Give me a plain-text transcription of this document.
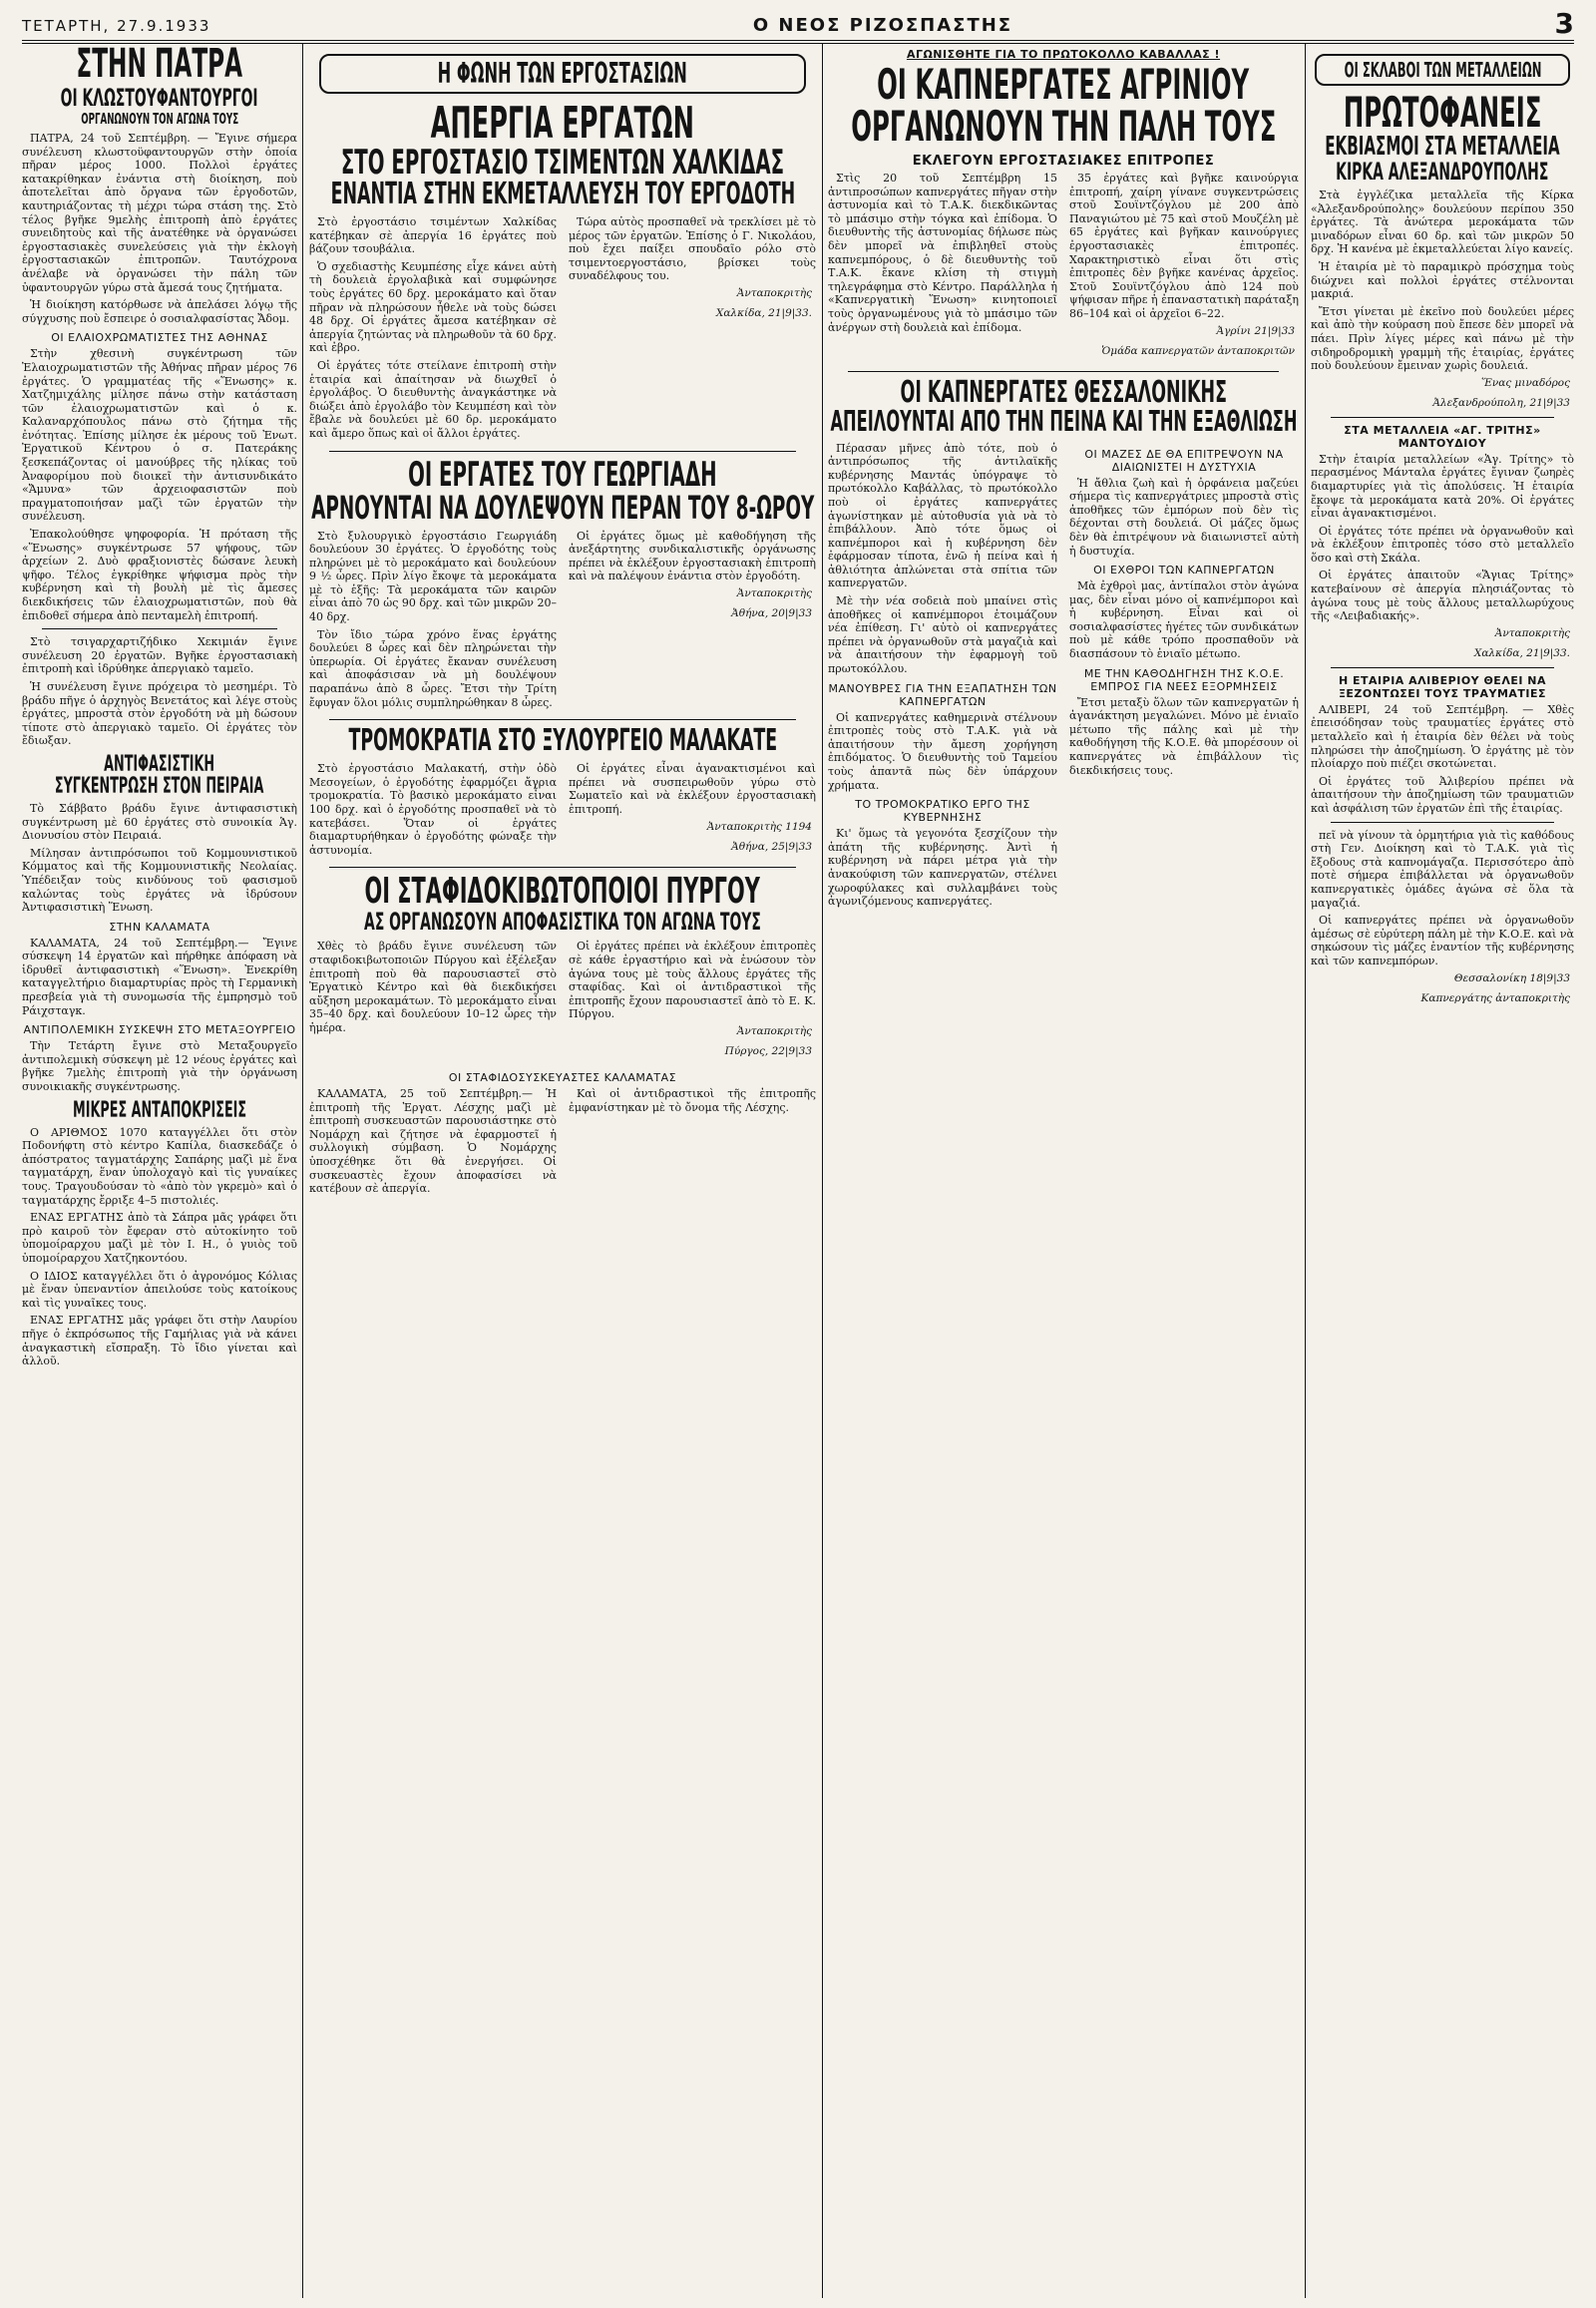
ΤΕΤΑΡΤΗ, 27.9.1933	Ο ΝΕΟΣ ΡΙΖΟΣΠΑΣΤΗΣ	3
ΣΤΗΝ ΠΑΤΡΑ
ΟΙ ΚΛΩΣΤΟΥΦΑΝΤΟΥΡΓΟΙ
ΟΡΓΑΝΩΝΟΥΝ ΤΟΝ ΑΓΩΝΑ ΤΟΥΣ

ΠΑΤΡΑ, 24 τοῦ Σεπτέμβρη. — Ἔγινε σήμερα συνέλευση κλωστοϋφαντουργῶν στὴν ὁποία πῆραν μέρος 1000. Πολλοὶ ἐργάτες κατακρίθηκαν ἐνάντια στὴ διοίκηση, ποὺ ἀποτελεῖται ἀπὸ ὄργανα τῶν ἐργοδοτῶν, καυτηριάζοντας τὴ μέχρι τώρα στάση της. Στὸ τέλος βγῆκε 9μελὴς ἐπιτροπὴ ἀπὸ ἐργάτες συνειδητοὺς καὶ τῆς ἀνατέθηκε νὰ ὀργανώσει ἐργοστασιακὲς συνελεύσεις γιὰ τὴν ἐκλογὴ ἐργοστασιακῶν ἐπιτροπῶν. Ταυτόχρονα ἀνέλαβε νὰ ὀργανώσει τὴν πάλη τῶν ὑφαντουργῶν γύρω στὰ ἄμεσά τους ζητήματα.

Ἡ διοίκηση κατόρθωσε νὰ ἀπελάσει λόγῳ τῆς σύγχυσης ποὺ ἔσπειρε ὁ σοσιαλφασίστας Ἄδομ.

ΟΙ ΕΛΑΙΟΧΡΩΜΑΤΙΣΤΕΣ ΤΗΣ ΑΘΗΝΑΣ

Στὴν χθεσινὴ συγκέντρωση τῶν Ἐλαιοχρωματιστῶν τῆς Ἀθήνας πῆραν μέρος 76 ἐργάτες. Ὁ γραμματέας τῆς «Ἕνωσης» κ. Χατζημιχάλης μίλησε πάνω στὴν κατάσταση τῶν ἐλαιοχρωματιστῶν καὶ ὁ κ. Καλαναρχόπουλος πάνω στὸ ζήτημα τῆς ἐνότητας. Ἐπίσης μίλησε ἐκ μέρους τοῦ Ἐνωτ. Ἐργατικοῦ Κέντρου ὁ σ. Πατεράκης ξεσκεπάζοντας οἱ μανούβρες τῆς ηλίκας τοῦ Ἀναφορίμου ποὺ διοικεῖ τὴν ἀντισυνδικάτο «Ἄμυνα» τῶν ἀρχειοφασιστῶν ποὺ πραγματοποιήσαν μαζὶ τῶν ἐργατῶν τὴν συνέλευση.

Ἐπακολούθησε ψηφοφορία. Ἡ πρόταση τῆς «Ἕνωσης» συγκέντρωσε 57 ψήφους, τῶν ἀρχείων 2. Δυὸ φραξιονιστὲς δώσανε λευκὴ ψῆφο. Τέλος ἐγκρίθηκε ψήφισμα πρὸς τὴν κυβέρνηση καὶ τὴ βουλὴ μὲ τὶς ἄμεσες διεκδικήσεις τῶν ἐλαιοχρωματιστῶν, ποὺ θὰ ἐπιδοθεῖ σήμερα ἀπὸ πενταμελὴ ἐπιτροπή.

Στὸ τσιγαρχαρτιζήδικο Χεκιμιάν ἔγινε συνέλευση 20 ἐργατῶν. Βγῆκε ἐργοστασιακὴ ἐπιτροπὴ καὶ ἱδρύθηκε ἀπεργιακὸ ταμεῖο.

Ἡ συνέλευση ἔγινε πρόχειρα τὸ μεσημέρι. Τὸ βράδυ πῆγε ὁ ἀρχηγὸς Βενετάτος καὶ λέγε στοὺς ἐργάτες, μπροστὰ στὸν ἐργοδότη νὰ μὴ δώσουν τίποτε στὸ ἀπεργιακὸ ταμεῖο. Οἱ ἐργάτες τὸν ἔδιωξαν.

ΑΝΤΙΦΑΣΙΣΤΙΚΗ
ΣΥΓΚΕΝΤΡΩΣΗ ΣΤΟΝ ΠΕΙΡΑΙΑ

Τὸ Σάββατο βράδυ ἔγινε ἀντιφασιστικὴ συγκέντρωση μὲ 60 ἐργάτες στὸ συνοικία Ἁγ. Διονυσίου στὸν Πειραιά.

Μίλησαν ἀντιπρόσωποι τοῦ Κομμουνιστικοῦ Κόμματος καὶ τῆς Κομμουνιστικῆς Νεολαίας. Ὑπέδειξαν τοὺς κινδύνους τοῦ φασισμοῦ καλώντας τοὺς ἐργάτες νὰ ἱδρύσουν Ἀντιφασιστικὴ Ἕνωση.

ΣΤΗΝ ΚΑΛΑΜΑΤΑ

ΚΑΛΑΜΑΤΑ, 24 τοῦ Σεπτέμβρη.— Ἔγινε σύσκεψη 14 ἐργατῶν καὶ πήρθηκε ἀπόφαση νὰ ἱδρυθεῖ ἀντιφασιστικὴ «Ἕνωση». Ἐνεκρίθη καταγγελτήριο διαμαρτυρίας πρὸς τὴ Γερμανικὴ πρεσβεία γιὰ τὴ συνομωσία τῆς ἐμπρησμὸ τοῦ Ράιχσταγκ.

ΑΝΤΙΠΟΛΕΜΙΚΗ ΣΥΣΚΕΨΗ ΣΤΟ ΜΕΤΑΞΟΥΡΓΕΙΟ

Τὴν Τετάρτη ἔγινε στὸ Μεταξουργεῖο ἀντιπολεμικὴ σύσκεψη μὲ 12 νέους ἐργάτες καὶ βγῆκε 7μελὴς ἐπιτροπὴ γιὰ τὴν ὀργάνωση συνοικιακῆς συγκέντρωσης.

ΜΙΚΡΕΣ ΑΝΤΑΠΟΚΡΙΣΕΙΣ

Ο ΑΡΙΘΜΟΣ 1070 καταγγέλλει ὅτι στὸν Ποδονήφτη στὸ κέντρο Καπίλα, διασκεδάζε ὁ ἀπόστρατος ταγματάρχης Σαπάρης μαζὶ μὲ ἕνα ταγματάρχη, ἕναν ὑπολοχαγὸ καὶ τὶς γυναίκες τους. Τραγουδούσαν τὸ «ἀπὸ τὸν γκρεμὸ» καὶ ὁ ταγματάρχης ἔρριξε 4–5 πιστολιές.

ΕΝΑΣ ΕΡΓΑΤΗΣ ἀπὸ τὰ Σάπρα μᾶς γράφει ὅτι πρὸ καιροῦ τὸν ἔφεραν στὸ αὐτοκίνητο τοῦ ὑπομοίραρχου μαζὶ μὲ τὸν Ι. Η., ὁ γυιὸς τοῦ ὑπομοίραρχου Χατζηκοντόου.

Ο ΙΔΙΟΣ καταγγέλλει ὅτι ὁ ἀγρονόμος Κόλιας μὲ ἕναν ὑπεναντίον ἀπειλούσε τοὺς κατοίκους καὶ τὶς γυναῖκες τους.

ΕΝΑΣ ΕΡΓΑΤΗΣ μᾶς γράφει ὅτι στὴν Λαυρίου πῆγε ὁ ἐκπρόσωπος τῆς Γαμήλιας γιὰ νὰ κάνει ἀναγκαστικὴ εἴσπραξη. Τὸ ἴδιο γίνεται καὶ ἀλλοῦ.

Η ΦΩΝΗ ΤΩΝ ΕΡΓΟΣΤΑΣΙΩΝ
ΑΠΕΡΓΙΑ ΕΡΓΑΤΩΝ
ΣΤΟ ΕΡΓΟΣΤΑΣΙΟ ΤΣΙΜΕΝΤΩΝ ΧΑΛΚΙΔΑΣ
ΕΝΑΝΤΙΑ ΣΤΗΝ ΕΚΜΕΤΑΛΛΕΥΣΗ ΤΟΥ ΕΡΓΟΔΟΤΗ

Στὸ ἐργοστάσιο τσιμέντων Χαλκίδας κατέβηκαν σὲ ἀπεργία 16 ἐργάτες ποὺ βάζουν τσουβάλια.

Ὁ σχεδιαστὴς Κευμπέσης εἶχε κάνει αὐτὴ τὴ δουλειὰ ἐργολαβικὰ καὶ συμφώνησε τοὺς ἐργάτες 60 δρχ. μεροκάματο καὶ ὅταν πῆραν νὰ πληρώσουν ἦθελε νὰ τοὺς δώσει 48 δρχ. Οἱ ἐργάτες ἄμεσα κατέβηκαν σὲ ἀπεργία ζητώντας νὰ πληρωθοῦν τὰ 60 δρχ. καὶ ἐβρο.

Οἱ ἐργάτες τότε στείλανε ἐπιτροπὴ στὴν ἑταιρία καὶ ἀπαίτησαν νὰ διωχθεῖ ὁ ἐργολάβος. Ὁ διευθυντὴς ἀναγκάστηκε νὰ διώξει ἀπὸ ἐργολάβο τὸν Κευμπέση καὶ τὸν ἔβαλε νὰ δουλεύει μὲ 60 δρ. μεροκάματο καὶ ἄμερο ὅπως καὶ οἱ ἄλλοι ἐργάτες.

Τώρα αὐτὸς προσπαθεῖ νὰ τρεκλίσει μὲ τὸ μέρος τῶν ἐργατῶν. Ἐπίσης ὁ Γ. Νικολάου, ποὺ ἔχει παίξει σπουδαῖο ρόλο στὸ τσιμεντοεργοστάσιο, βρίσκει τοὺς συναδέλφους του.

Ἀνταποκριτὴς
Χαλκίδα, 21|9|33.
ΟΙ ΕΡΓΑΤΕΣ ΤΟΥ ΓΕΩΡΓΙΑΔΗ
ΑΡΝΟΥΝΤΑΙ ΝΑ ΔΟΥΛΕΨΟΥΝ ΠΕΡΑΝ ΤΟΥ 8-ΩΡΟΥ

Στὸ ξυλουργικὸ ἐργοστάσιο Γεωργιάδη δουλεύουν 30 ἐργάτες. Ὁ ἐργοδότης τοὺς πληρώνει μὲ τὸ μεροκάματο καὶ δουλεύουν 9 ½ ὧρες. Πρὶν λίγο ἔκοψε τὰ μεροκάματα μὲ τὸ ἑξῆς: Τὰ μεροκάματα τῶν καιρῶν εἶναι ἀπὸ 70 ὡς 90 δρχ. καὶ τῶν μικρῶν 20–40 δρχ.

Τὸν ἴδιο τώρα χρόνο ἕνας ἐργάτης δουλεύει 8 ὧρες καὶ δὲν πληρώνεται τὴν ὑπερωρία. Οἱ ἐργάτες ἔκαναν συνέλευση καὶ ἀποφάσισαν νὰ μὴ δουλέψουν παραπάνω ἀπὸ 8 ὧρες. Ἔτσι τὴν Τρίτη ἔφυγαν ὅλοι μόλις συμπληρώθηκαν 8 ὧρες.

Οἱ ἐργάτες ὅμως μὲ καθοδήγηση τῆς ἀνεξάρτητης συνδικαλιστικῆς ὀργάνωσης πρέπει νὰ ἐκλέξουν ἐργοστασιακὴ ἐπιτροπὴ καὶ νὰ παλέψουν ἐνάντια στὸν ἐργοδότη.

Ἀνταποκριτὴς
Ἀθήνα, 20|9|33
ΤΡΟΜΟΚΡΑΤΙΑ ΣΤΟ ΞΥΛΟΥΡΓΕΙΟ ΜΑΛΑΚΑΤΕ

Στὸ ἐργοστάσιο Μαλακατή, στὴν ὁδὸ Μεσογείων, ὁ ἐργοδότης ἐφαρμόζει ἄγρια τρομοκρατία. Τὸ βασικὸ μεροκάματο εἶναι 100 δρχ. καὶ ὁ ἐργοδότης προσπαθεῖ νὰ τὸ κατεβάσει. Ὅταν οἱ ἐργάτες διαμαρτυρήθηκαν ὁ ἐργοδότης φώναξε τὴν ἀστυνομία.

Οἱ ἐργάτες εἶναι ἀγανακτισμένοι καὶ πρέπει νὰ συσπειρωθοῦν γύρω στὸ Σωματεῖο καὶ νὰ ἐκλέξουν ἐργοστασιακὴ ἐπιτροπή.

Ἀνταποκριτὴς 1194
Ἀθήνα, 25|9|33
ΟΙ ΣΤΑΦΙΔΟΚΙΒΩΤΟΠΟΙΟΙ ΠΥΡΓΟΥ
ΑΣ ΟΡΓΑΝΩΣΟΥΝ ΑΠΟΦΑΣΙΣΤΙΚΑ ΤΟΝ ΑΓΩΝΑ ΤΟΥΣ

Χθὲς τὸ βράδυ ἔγινε συνέλευση τῶν σταφιδοκιβωτοποιῶν Πύργου καὶ ἐξέλεξαν ἐπιτροπὴ ποὺ θὰ παρουσιαστεῖ στὸ Ἐργατικὸ Κέντρο καὶ θὰ διεκδικήσει αὔξηση μεροκαμάτων. Τὸ μεροκάματο εἶναι 35–40 δρχ. καὶ δουλεύουν 10–12 ὧρες τὴν ἡμέρα.

Οἱ ἐργάτες πρέπει νὰ ἐκλέξουν ἐπιτροπὲς σὲ κάθε ἐργαστήριο καὶ νὰ ἑνώσουν τὸν ἀγώνα τους μὲ τοὺς ἄλλους ἐργάτες τῆς σταφίδας. Καὶ οἱ ἀντιδραστικοὶ τῆς ἐπιτροπῆς ἔχουν παρουσιαστεῖ ἀπὸ τὸ Ε. Κ. Πύργου.

Ἀνταποκριτὴς
Πύργος, 22|9|33
ΟΙ ΣΤΑΦΙΔΟΣΥΣΚΕΥΑΣΤΕΣ ΚΑΛΑΜΑΤΑΣ

ΚΑΛΑΜΑΤΑ, 25 τοῦ Σεπτέμβρη.— Ἡ ἐπιτροπὴ τῆς Ἐργατ. Λέσχης μαζὶ μὲ ἐπιτροπὴ συσκευαστῶν παρουσιάστηκε στὸ Νομάρχη καὶ ζήτησε νὰ ἐφαρμοστεῖ ἡ συλλογικὴ σύμβαση. Ὁ Νομάρχης ὑποσχέθηκε ὅτι θὰ ἐνεργήσει. Οἱ συσκευαστὲς ἔχουν ἀποφασίσει νὰ κατέβουν σὲ ἀπεργία.

Καὶ οἱ ἀντιδραστικοὶ τῆς ἐπιτροπῆς ἐμφανίστηκαν μὲ τὸ ὄνομα τῆς Λέσχης.

ΑΓΩΝΙΣΘΗΤΕ ΓΙΑ ΤΟ ΠΡΩΤΟΚΟΛΛΟ ΚΑΒΑΛΛΑΣ !
ΟΙ ΚΑΠΝΕΡΓΑΤΕΣ ΑΓΡΙΝΙΟΥ
ΟΡΓΑΝΩΝΟΥΝ ΤΗΝ ΠΑΛΗ ΤΟΥΣ
ΕΚΛΕΓΟΥΝ ΕΡΓΟΣΤΑΣΙΑΚΕΣ ΕΠΙΤΡΟΠΕΣ

Στὶς 20 τοῦ Σεπτέμβρη 15 ἀντιπροσώπων καπνεργάτες πῆγαν στὴν ἀστυνομία καὶ τὸ Τ.Α.Κ. διεκδικῶντας τὸ μπάσιμο στὴν τόγκα καὶ ἐπίδομα. Ὁ διευθυντὴς τῆς ἀστυνομίας δήλωσε πὼς δὲν μπορεῖ νὰ ἐπιβληθεῖ στοὺς καπνεμπόρους, ὁ δὲ διευθυντὴς τοῦ Τ.Α.Κ. ἔκανε κλίση τὴ στιγμὴ τηλεγράφημα στὸ Κέντρο. Παράλληλα ἡ «Καπνεργατικὴ Ἕνωση» κινητοποιεῖ τοὺς ὀργανωμένους γιὰ τὸ μπάσιμο τῶν ἀνέργων στὴ δουλειὰ καὶ ἐπίδομα.

35 ἐργάτες καὶ βγῆκε καινούργια ἐπιτροπή, χαίρη γίνανε συγκεντρώσεις στοῦ Σουϊντζόγλου μὲ 200 ἀπὸ Παναγιώτου μὲ 75 καὶ στοῦ Μουζέλη μὲ 65 ἐργάτες καὶ βγῆκαν καινούργιες ἐργοστασιακὲς ἐπιτροπές. Χαρακτηριστικὸ εἶναι ὅτι στὶς ἐπιτροπὲς δὲν βγῆκε κανένας ἀρχεῖος. Στοῦ Σουϊντζόγλου ἀπὸ 124 ποὺ ψήφισαν πῆρε ἡ ἐπαναστατικὴ παράταξη 86–104 καὶ οἱ ἀρχεῖοι 6–22.

Ἀγρίνι 21|9|33
Ὁμάδα καπνεργατῶν ἀνταποκριτῶν
ΟΙ ΚΑΠΝΕΡΓΑΤΕΣ ΘΕΣΣΑΛΟΝΙΚΗΣ
ΑΠΕΙΛΟΥΝΤΑΙ ΑΠΟ ΤΗΝ ΠΕΙΝΑ ΚΑΙ ΤΗΝ ΕΞΑΘΛΙΩΣΗ

Πέρασαν μῆνες ἀπὸ τότε, ποὺ ὁ ἀντιπρόσωπος τῆς ἀντιλαϊκῆς κυβέρνησης Μαντάς ὑπόγραψε τὸ πρωτόκολλο Καβάλλας, τὸ πρωτόκολλο ποὺ οἱ ἐργάτες καπνεργάτες ἀγωνίστηκαν μὲ αὐτοθυσία γιὰ νὰ τὸ ἐπιβάλλουν. Ἀπὸ τότε ὅμως οἱ καπνέμποροι καὶ ἡ κυβέρνηση δὲν ἐφάρμοσαν τίποτα, ἐνῶ ἡ πείνα καὶ ἡ ἀθλιότητα ἀπλώνεται στὰ σπίτια τῶν καπνεργατῶν.

Μὲ τὴν νέα σοδειὰ ποὺ μπαίνει στὶς ἀποθῆκες οἱ καπνέμποροι ἑτοιμάζουν νέα ἐπίθεση. Γι' αὐτὸ οἱ καπνεργάτες πρέπει νὰ ὀργανωθοῦν στὰ μαγαζιὰ καὶ νὰ ἀπαιτήσουν τὴν ἐφαρμογὴ τοῦ πρωτοκόλλου.

ΜΑΝΟΥΒΡΕΣ ΓΙΑ ΤΗΝ ΕΞΑΠΑΤΗΣΗ ΤΩΝ ΚΑΠΝΕΡΓΑΤΩΝ

Οἱ καπνεργάτες καθημερινὰ στέλνουν ἐπιτροπὲς τοὺς στὸ Τ.Α.Κ. γιὰ νὰ ἀπαιτήσουν τὴν ἄμεση χορήγηση ἐπιδόματος. Ὁ διευθυντὴς τοῦ Ταμείου τοὺς ἀπαντᾶ πὼς δὲν ὑπάρχουν χρήματα.

ΤΟ ΤΡΟΜΟΚΡΑΤΙΚΟ ΕΡΓΟ ΤΗΣ ΚΥΒΕΡΝΗΣΗΣ

Κι' ὅμως τὰ γεγονότα ξεσχίζουν τὴν ἀπάτη τῆς κυβέρνησης. Ἀντὶ ἡ κυβέρνηση νὰ πάρει μέτρα γιὰ τὴν ἀνακούφιση τῶν καπνεργατῶν, στέλνει χωροφύλακες καὶ συλλαμβάνει τοὺς ἀγωνιζόμενους καπνεργάτες.

ΟΙ ΜΑΖΕΣ ΔΕ ΘΑ ΕΠΙΤΡΕΨΟΥΝ ΝΑ ΔΙΑΙΩΝΙΣΤΕΙ Η ΔΥΣΤΥΧΙΑ

Ἡ ἄθλια ζωὴ καὶ ἡ ὀρφάνεια μαζεύει σήμερα τὶς καπνεργάτριες μπροστὰ στὶς ἀποθῆκες τῶν ἐμπόρων ποὺ δὲν τὶς δέχονται στὴ δουλειά. Οἱ μάζες ὅμως δὲν θὰ ἐπιτρέψουν νὰ διαιωνιστεῖ αὐτὴ ἡ δυστυχία.

ΟΙ ΕΧΘΡΟΙ ΤΩΝ ΚΑΠΝΕΡΓΑΤΩΝ

Μὰ ἐχθροὶ μας, ἀντίπαλοι στὸν ἀγώνα μας, δὲν εἶναι μόνο οἱ καπνέμποροι καὶ ἡ κυβέρνηση. Εἶναι καὶ οἱ σοσιαλφασίστες ἡγέτες τῶν συνδικάτων ποὺ μὲ κάθε τρόπο προσπαθοῦν νὰ διασπάσουν τὸ ἑνιαῖο μέτωπο.

ΜΕ ΤΗΝ ΚΑΘΟΔΗΓΗΣΗ ΤΗΣ Κ.Ο.Ε. ΕΜΠΡΟΣ ΓΙΑ ΝΕΕΣ ΕΞΟΡΜΗΣΕΙΣ

Ἔτσι μεταξὺ ὅλων τῶν καπνεργατῶν ἡ ἀγανάκτηση μεγαλώνει. Μόνο μὲ ἑνιαῖο μέτωπο τῆς πάλης καὶ μὲ τὴν καθοδήγηση τῆς Κ.Ο.Ε. θὰ μπορέσουν οἱ καπνεργάτες νὰ ἐπιβάλλουν τὶς διεκδικήσεις τους.

ΟΙ ΣΚΛΑΒΟΙ ΤΩΝ ΜΕΤΑΛΛΕΙΩΝ
ΠΡΩΤΟΦΑΝΕΙΣ
ΕΚΒΙΑΣΜΟΙ ΣΤΑ ΜΕΤΑΛΛΕΙΑ
ΚΙΡΚΑ ΑΛΕΞΑΝΔΡΟΥΠΟΛΗΣ

Στὰ ἐγγλέζικα μεταλλεῖα τῆς Κίρκα «Ἀλεξανδρούπολης» δουλεύουν περίπου 350 ἐργάτες. Τὰ ἀνώτερα μεροκάματα τῶν μιναδόρων εἶναι 60 δρ. καὶ τῶν μικρῶν 50 δρχ. Ἡ κανένα μὲ ἐκμεταλλεύεται λίγο κανείς.

Ἡ ἑταιρία μὲ τὸ παραμικρὸ πρόσχημα τοὺς διώχνει καὶ πολλοὶ ἐργάτες στέλνονται μακριά.

Ἔτσι γίνεται μὲ ἐκεῖνο ποὺ δουλεύει μέρες καὶ ἀπὸ τὴν κούραση ποὺ ἔπεσε δὲν μπορεῖ νὰ πάει. Πρὶν λίγες μέρες καὶ πάνω μὲ τὴν σιδηροδρομικὴ γραμμὴ τῆς ἑταιρίας, ἐργάτες ποὺ δουλεύουν ἔμειναν χωρὶς δουλειά.

Ἕνας μιναδόρος
Ἀλεξανδρούπολη, 21|9|33
ΣΤΑ ΜΕΤΑΛΛΕΙΑ «ΑΓ. ΤΡΙΤΗΣ» ΜΑΝΤΟΥΔΙΟΥ

Στὴν ἑταιρία μεταλλείων «Ἁγ. Τρίτης» τὸ περασμένος Μάνταλα ἐργάτες ἔγιναν ζωηρὲς διαμαρτυρίες γιὰ τὶς ἀπολύσεις. Ἡ ἑταιρία ἔκοψε τὰ μεροκάματα κατὰ 20%. Οἱ ἐργάτες εἶναι ἀγανακτισμένοι.

Οἱ ἐργάτες τότε πρέπει νὰ ὀργανωθοῦν καὶ νὰ ἐκλέξουν ἐπιτροπὲς τόσο στὸ μεταλλεῖο ὅσο καὶ στὴ Σκάλα.

Οἱ ἐργάτες ἀπαιτοῦν «Ἅγιας Τρίτης» κατεβαίνουν σὲ ἀπεργία πλησιάζοντας τὸ ἀγώνα τους μὲ τοὺς ἄλλους μεταλλωρύχους τῆς «Λειβαδιακής».

Ἀνταποκριτὴς
Χαλκίδα, 21|9|33.
Η ΕΤΑΙΡΙΑ ΑΛΙΒΕΡΙΟΥ ΘΕΛΕΙ ΝΑ ΞΕΖΟΝΤΩΣΕΙ ΤΟΥΣ ΤΡΑΥΜΑΤΙΕΣ

ΑΛΙΒΕΡΙ, 24 τοῦ Σεπτέμβρη. — Χθὲς ἐπεισόδησαν τοὺς τραυματίες ἐργάτες στὸ μεταλλεῖο καὶ ἡ ἑταιρία δὲν θέλει νὰ τοὺς πληρώσει τὴν ἀποζημίωση. Ὁ ἐργάτης μὲ τὸν πλοίαρχο ποὺ πιέζει σκοτώνεται.

Οἱ ἐργάτες τοῦ Ἀλιβερίου πρέπει νὰ ἀπαιτήσουν τὴν ἀποζημίωση τῶν τραυματιῶν καὶ ἀσφάλιση τῶν ἐργατῶν ἐπὶ τῆς ἑταιρίας.

πεῖ νὰ γίνουν τὰ ὁρμητήρια γιὰ τὶς καθόδους στὴ Γεν. Διοίκηση καὶ τὸ Τ.Α.Κ. γιὰ τὶς ἔξοδους στὰ καπνομάγαζα. Περισσότερο ἀπὸ ποτὲ σήμερα ἐπιβάλλεται νὰ ὀργανωθοῦν καπνεργατικὲς ὁμάδες ἀγώνα σὲ ὅλα τὰ μαγαζιά.

Οἱ καπνεργάτες πρέπει νὰ ὀργανωθοῦν ἀμέσως σὲ εὐρύτερη πάλη μὲ τὴν Κ.Ο.Ε. καὶ νὰ σηκώσουν τὶς μάζες ἐναντίον τῆς κυβέρνησης καὶ τῶν καπνεμπόρων.

Θεσσαλονίκη 18|9|33
Καπνεργάτης ἀνταποκριτὴς
